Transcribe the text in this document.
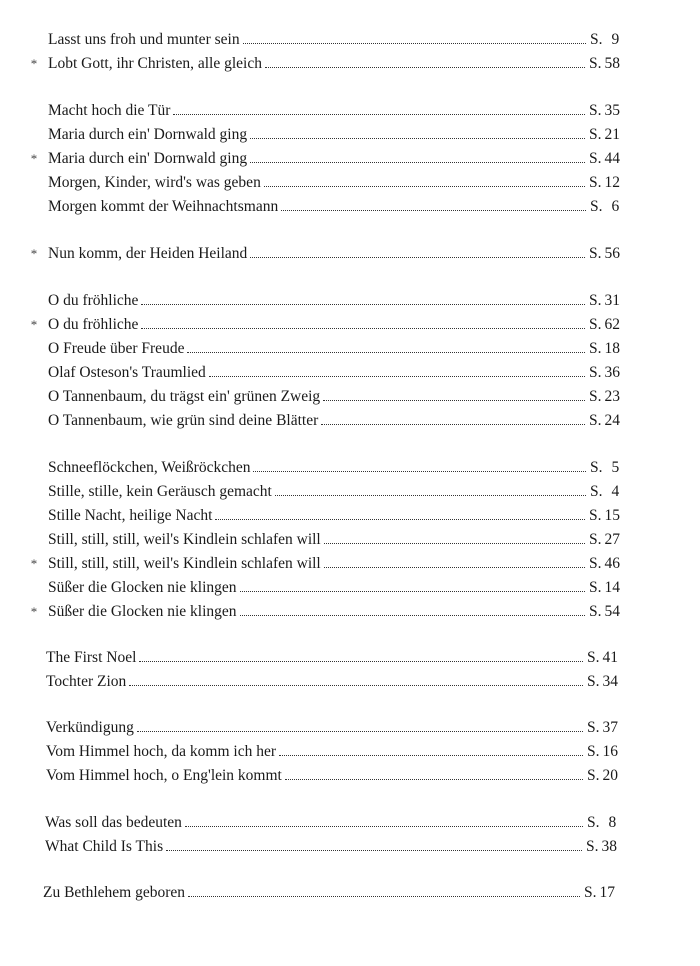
Lasst uns froh und munter sein	S. 9
* Lobt Gott, ihr Christen, alle gleich	S. 58
Macht hoch die Tür	S. 35
Maria durch ein' Dornwald ging	S. 21
* Maria durch ein' Dornwald ging	S. 44
Morgen, Kinder, wird's was geben	S. 12
Morgen kommt der Weihnachtsmann	S. 6
* Nun komm, der Heiden Heiland	S. 56
O du fröhliche	S. 31
* O du fröhliche	S. 62
O Freude über Freude	S. 18
Olaf Osteson's Traumlied	S. 36
O Tannenbaum, du trägst ein' grünen Zweig	S. 23
O Tannenbaum, wie grün sind deine Blätter	S. 24
Schneeflöckchen, Weißröckchen	S. 5
Stille, stille, kein Geräusch gemacht	S. 4
Stille Nacht, heilige Nacht	S. 15
Still, still, still, weil's Kindlein schlafen will	S. 27
* Still, still, still, weil's Kindlein schlafen will	S. 46
Süßer die Glocken nie klingen	S. 14
* Süßer die Glocken nie klingen	S. 54
The First Noel	S. 41
Tochter Zion	S. 34
Verkündigung	S. 37
Vom Himmel hoch, da komm ich her	S. 16
Vom Himmel hoch, o Eng'lein kommt	S. 20
Was soll das bedeuten	S. 8
What Child Is This	S. 38
Zu Bethlehem geboren	S. 17
